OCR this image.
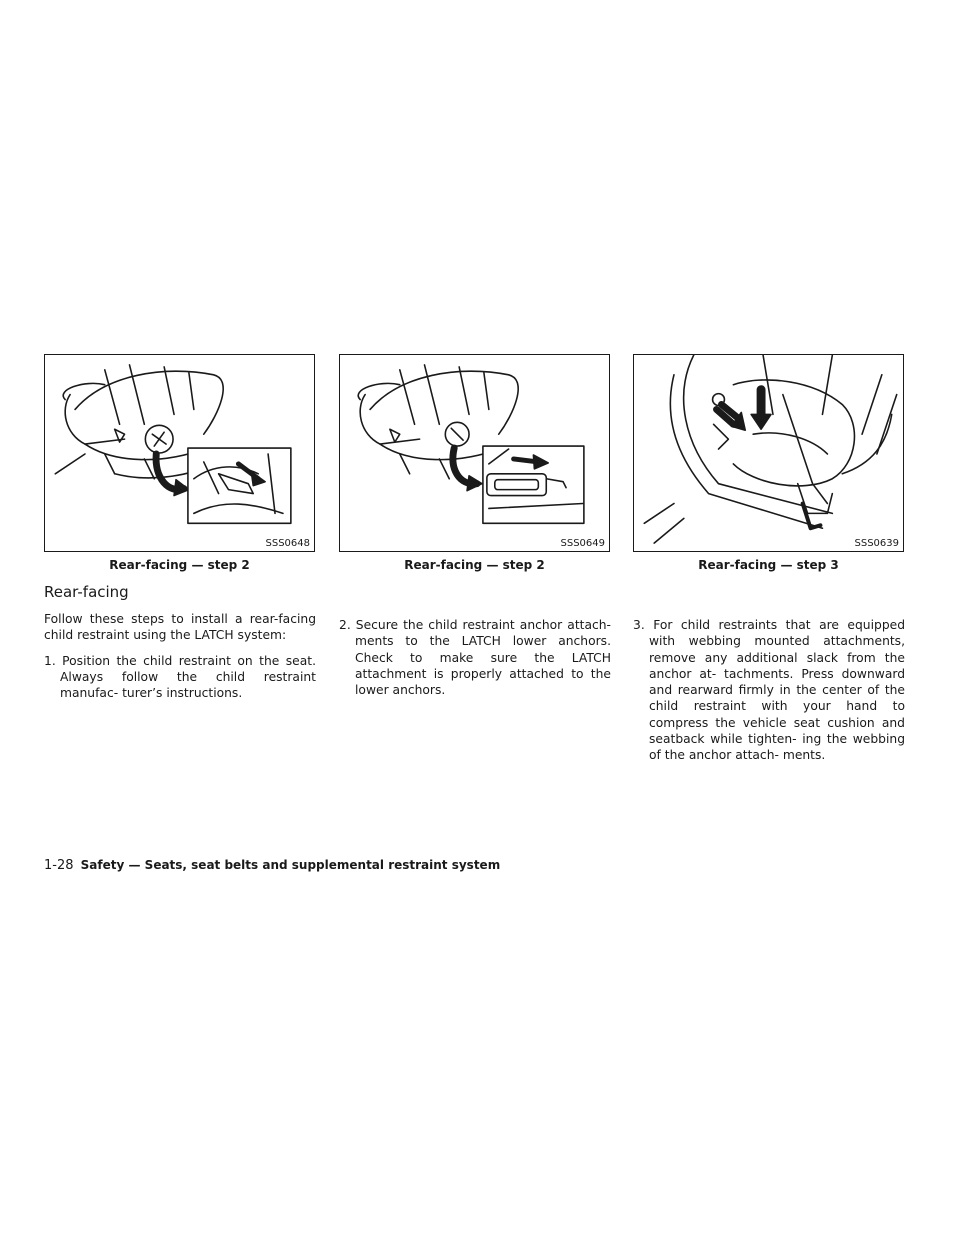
SSS0648
Rear-facing — step 2
SSS0649
Rear-facing — step 2
SSS0639
Rear-facing — step 3
Rear-facing

Follow these steps to install a rear-facing child restraint using the LATCH system:

1. Position the child restraint on the seat. Always follow the child restraint manufac- turer’s instructions.

2. Secure the child restraint anchor attach- ments to the LATCH lower anchors. Check to make sure the LATCH attachment is properly attached to the lower anchors.

3. For child restraints that are equipped with webbing mounted attachments, remove any additional slack from the anchor at- tachments. Press downward and rearward firmly in the center of the child restraint with your hand to compress the vehicle seat cushion and seatback while tighten- ing the webbing of the anchor attach- ments.

1-28 Safety — Seats, seat belts and supplemental restraint system
